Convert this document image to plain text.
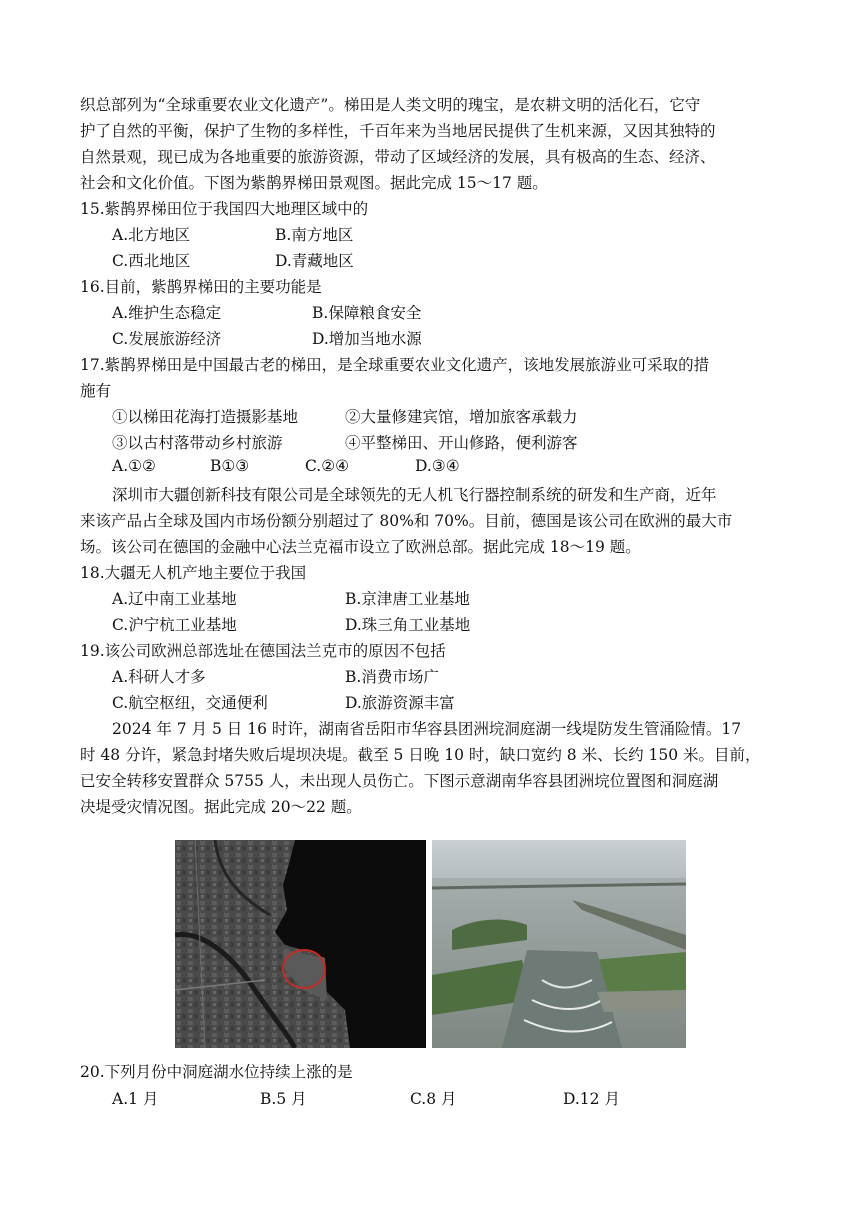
织总部列为“全球重要农业文化遗产”。梯田是人类文明的瑰宝，是农耕文明的活化石，它守
护了自然的平衡，保护了生物的多样性，千百年来为当地居民提供了生机来源，又因其独特的
自然景观，现已成为各地重要的旅游资源，带动了区域经济的发展，具有极高的生态、经济、
社会和文化价值。下图为紫鹊界梯田景观图。据此完成 15～17 题。
15.紫鹊界梯田位于我国四大地理区域中的
A.北方地区	B.南方地区
C.西北地区	D.青藏地区
16.目前，紫鹊界梯田的主要功能是
A.维护生态稳定	B.保障粮食安全
C.发展旅游经济	D.增加当地水源
17.紫鹊界梯田是中国最古老的梯田，是全球重要农业文化遗产，该地发展旅游业可采取的措
施有
①以梯田花海打造摄影基地	②大量修建宾馆，增加旅客承载力
③以古村落带动乡村旅游	④平整梯田、开山修路，便利游客
A.①②	B①③	C.②④	D.③④
深圳市大疆创新科技有限公司是全球领先的无人机飞行器控制系统的研发和生产商，近年
来该产品占全球及国内市场份额分别超过了 80%和 70%。目前，德国是该公司在欧洲的最大市
场。该公司在德国的金融中心法兰克福市设立了欧洲总部。据此完成 18～19 题。
18.大疆无人机产地主要位于我国
A.辽中南工业基地	B.京津唐工业基地
C.沪宁杭工业基地	D.珠三角工业基地
19.该公司欧洲总部选址在德国法兰克市的原因不包括
A.科研人才多	B.消费市场广
C.航空枢纽，交通便利	D.旅游资源丰富
2024 年 7 月 5 日 16 时许，湖南省岳阳市华容县团洲垸洞庭湖一线堤防发生管涌险情。17
时 48 分许，紧急封堵失败后堤坝决堤。截至 5 日晚 10 时，缺口宽约 8 米、长约 150 米。目前，
已安全转移安置群众 5755 人，未出现人员伤亡。下图示意湖南华容县团洲垸位置图和洞庭湖
决堤受灾情况图。据此完成 20～22 题。
20.下列月份中洞庭湖水位持续上涨的是
A.1 月	B.5 月	C.8 月	D.12 月
